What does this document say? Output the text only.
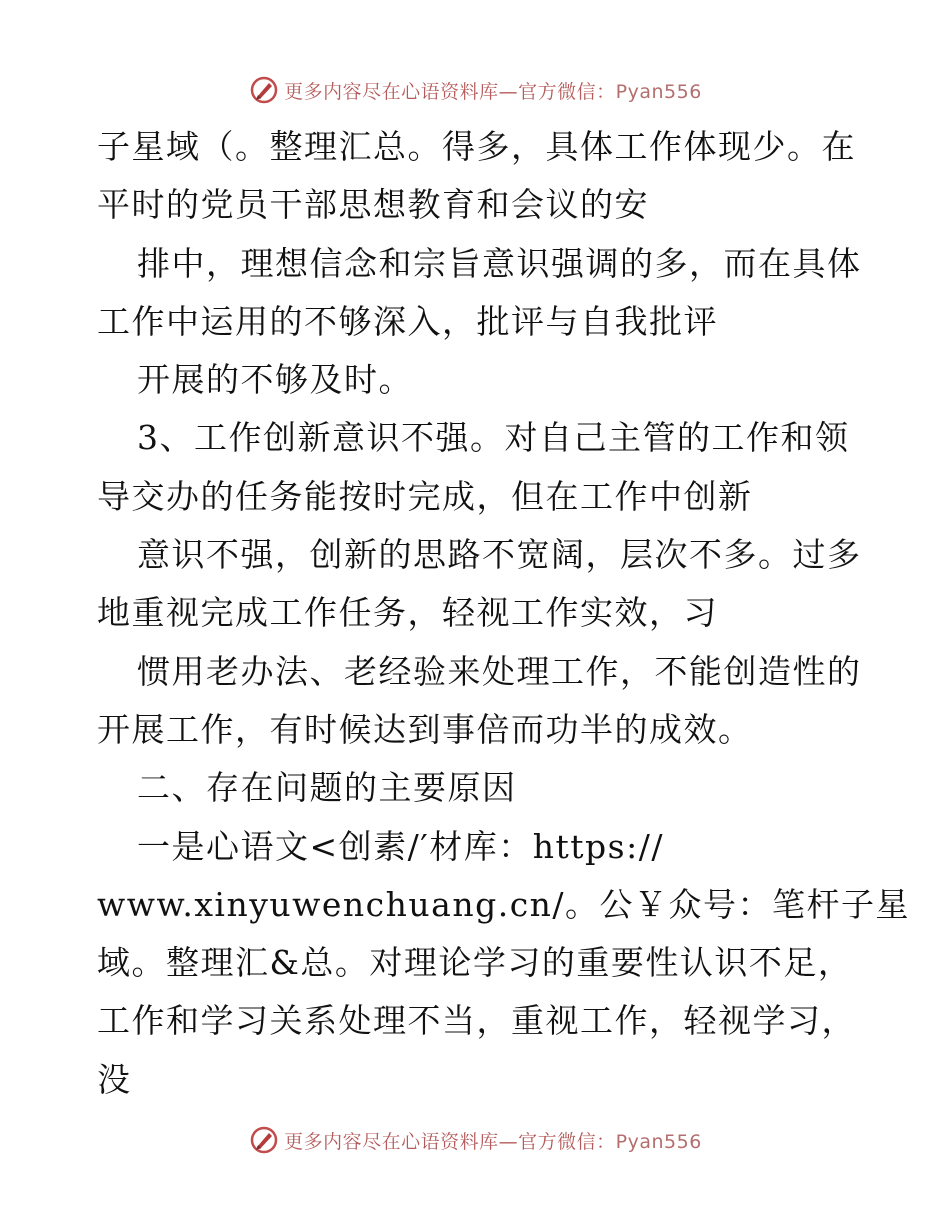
更多内容尽在心语资料库—官方微信：Pyan556
子星域（。整理汇总。得多，具体工作体现少。在
平时的党员干部思想教育和会议的安
排中，理想信念和宗旨意识强调的多，而在具体
工作中运用的不够深入，批评与自我批评
开展的不够及时。
3、工作创新意识不强。对自己主管的工作和领
导交办的任务能按时完成，但在工作中创新
意识不强，创新的思路不宽阔，层次不多。过多
地重视完成工作任务，轻视工作实效，习
惯用老办法、老经验来处理工作，不能创造性的
开展工作，有时候达到事倍而功半的成效。
二、存在问题的主要原因
一是心语文<创素/′材库：https://
www.xinyuwenchuang.cn/。公￥众号：笔杆子星
域。整理汇&总。对理论学习的重要性认识不足，
工作和学习关系处理不当，重视工作，轻视学习，
没
更多内容尽在心语资料库—官方微信：Pyan556
